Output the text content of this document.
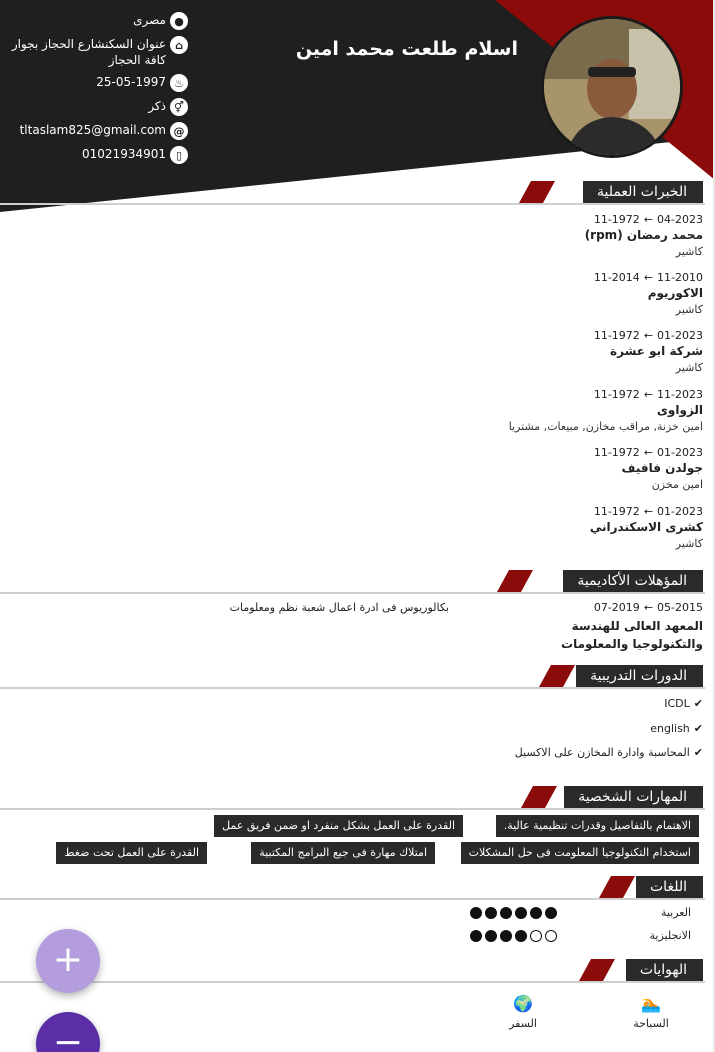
اسلام طلعت محمد امين
●
مصرى
⌂
عنوان السكنشارع الحجاز بجوار كافة الحجاز
♨
25-05-1997
⚥
ذكر
@
tltaslam825@gmail.com
▯
01021934901
الخبرات العملية
04-2023
←
11-1972
محمد رمضان (rpm)
كاشير
11-2010
←
11-2014
الاكوريوم
كاشير
01-2023
←
11-1972
شركة ابو عشرة
كاشير
11-2023
←
11-1972
الزواوى
امين خزنة, مراقب مخازن, مبيعات, مشتريا
01-2023
←
11-1972
جولدن فافيف
امين مخزن
01-2023
←
11-1972
كشرى الاسكندراني
كاشير
المؤهلات الأكاديمية
05-2015
←
07-2019
المعهد العالى للهندسة والتكنولوجيا والمعلومات
بكالوريوس فى ادرة اعمال شعبة نظم ومعلومات
الدورات التدريبية
✔
ICDL
✔
english
✔
المحاسبة وادارة المخازن على الاكسيل
المهارات الشخصية
الاهتمام بالتفاصيل وقدرات تنظيمية عالية.
القدرة على العمل بشكل منفرد او ضمن فريق عمل
استخدام التكنولوجيا المعلومت فى حل المشكلات
امتلاك مهارة فى جيع البرامج المكتبية
القدرة على العمل تحت ضغط
اللغات
العربية
الانجليزية
الهوايات
🏊
السباحة
🌍
السفر
+
−
